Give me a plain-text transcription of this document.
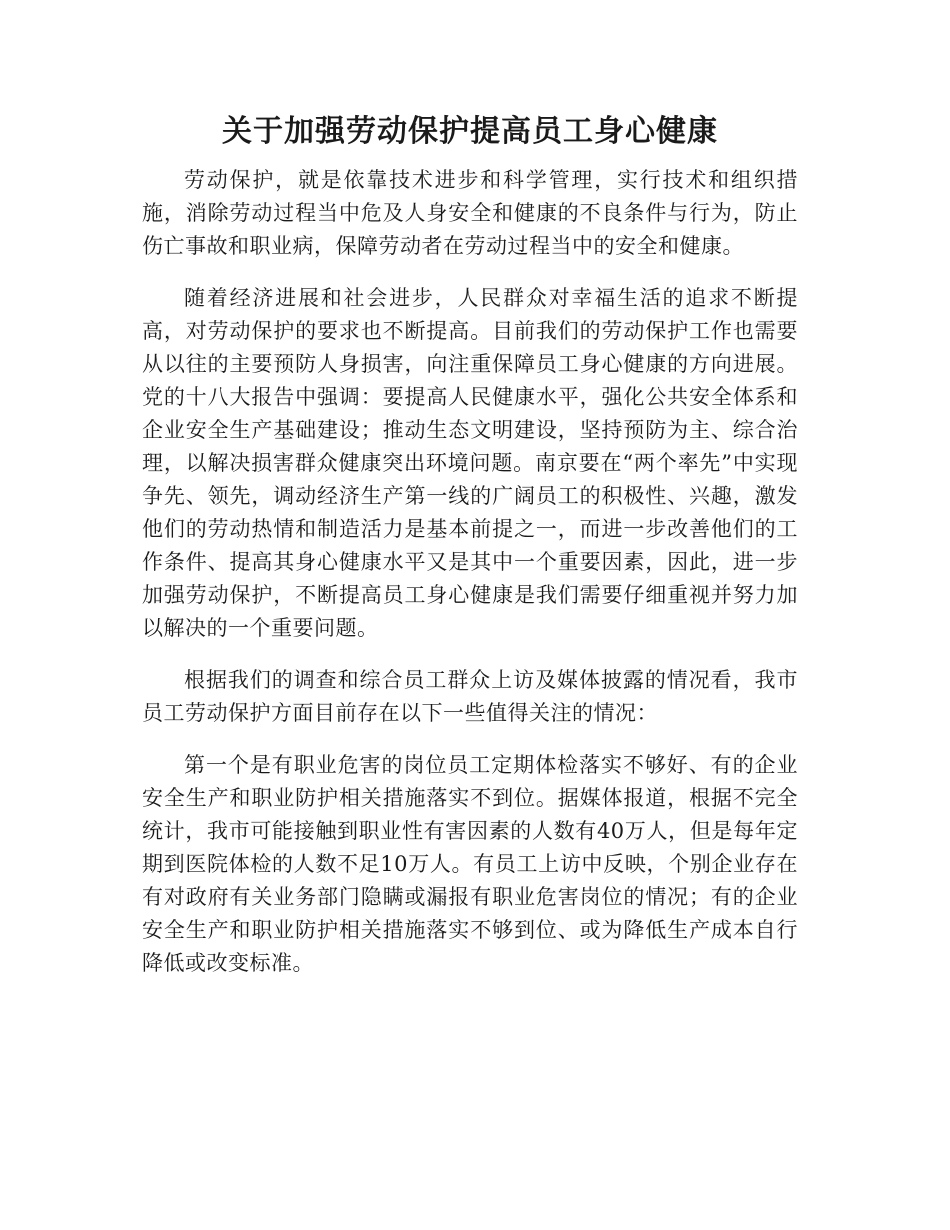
关于加强劳动保护提高员工身心健康

劳动保护，就是依靠技术进步和科学管理，实行技术和组织措施，消除劳动过程当中危及人身安全和健康的不良条件与行为，防止伤亡事故和职业病，保障劳动者在劳动过程当中的安全和健康。

随着经济进展和社会进步，人民群众对幸福生活的追求不断提高，对劳动保护的要求也不断提高。目前我们的劳动保护工作也需要从以往的主要预防人身损害，向注重保障员工身心健康的方向进展。党的十八大报告中强调：要提高人民健康水平，强化公共安全体系和企业安全生产基础建设；推动生态文明建设，坚持预防为主、综合治理，以解决损害群众健康突出环境问题。南京要在“两个率先”中实现争先、领先，调动经济生产第一线的广阔员工的积极性、兴趣，激发他们的劳动热情和制造活力是基本前提之一，而进一步改善他们的工作条件、提高其身心健康水平又是其中一个重要因素，因此，进一步加强劳动保护，不断提高员工身心健康是我们需要仔细重视并努力加以解决的一个重要问题。

根据我们的调查和综合员工群众上访及媒体披露的情况看，我市员工劳动保护方面目前存在以下一些值得关注的情况：

第一个是有职业危害的岗位员工定期体检落实不够好、有的企业安全生产和职业防护相关措施落实不到位。据媒体报道，根据不完全统计，我市可能接触到职业性有害因素的人数有40万人，但是每年定期到医院体检的人数不足10万人。有员工上访中反映，个别企业存在有对政府有关业务部门隐瞒或漏报有职业危害岗位的情况；有的企业安全生产和职业防护相关措施落实不够到位、或为降低生产成本自行降低或改变标准。
